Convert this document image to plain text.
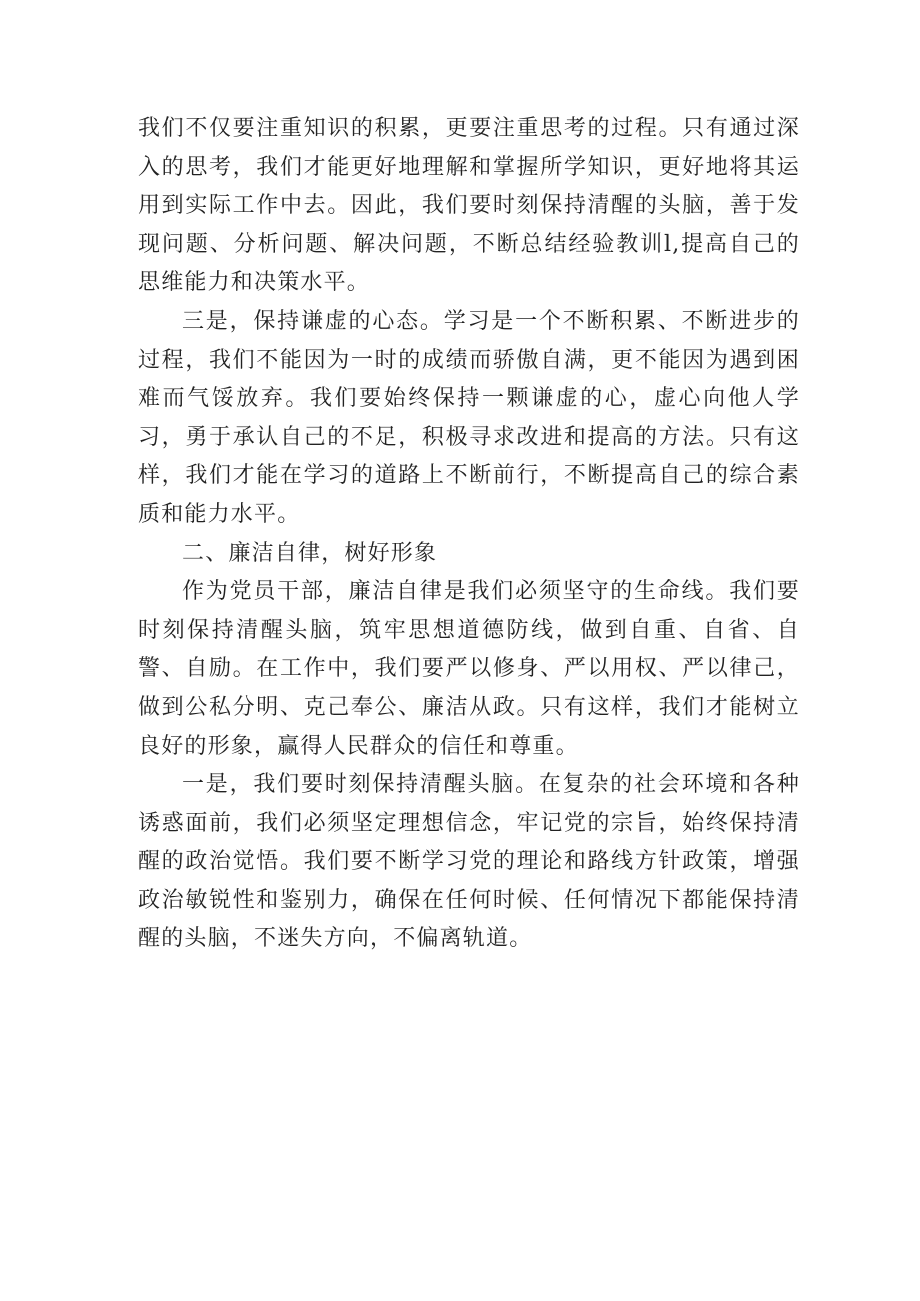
我们不仅要注重知识的积累，更要注重思考的过程。只有通过深入的思考，我们才能更好地理解和掌握所学知识，更好地将其运用到实际工作中去。因此，我们要时刻保持清醒的头脑，善于发现问题、分析问题、解决问题，不断总结经验教训l,提高自己的思维能力和决策水平。

三是，保持谦虚的心态。学习是一个不断积累、不断进步的过程，我们不能因为一时的成绩而骄傲自满，更不能因为遇到困难而气馁放弃。我们要始终保持一颗谦虚的心，虚心向他人学习，勇于承认自己的不足，积极寻求改进和提高的方法。只有这样，我们才能在学习的道路上不断前行，不断提高自己的综合素质和能力水平。

二、廉洁自律，树好形象

作为党员干部，廉洁自律是我们必须坚守的生命线。我们要时刻保持清醒头脑，筑牢思想道德防线，做到自重、自省、自警、自励。在工作中，我们要严以修身、严以用权、严以律己，做到公私分明、克己奉公、廉洁从政。只有这样，我们才能树立良好的形象，赢得人民群众的信任和尊重。

一是，我们要时刻保持清醒头脑。在复杂的社会环境和各种诱惑面前，我们必须坚定理想信念，牢记党的宗旨，始终保持清醒的政治觉悟。我们要不断学习党的理论和路线方针政策，增强政治敏锐性和鉴别力，确保在任何时候、任何情况下都能保持清醒的头脑，不迷失方向，不偏离轨道。
